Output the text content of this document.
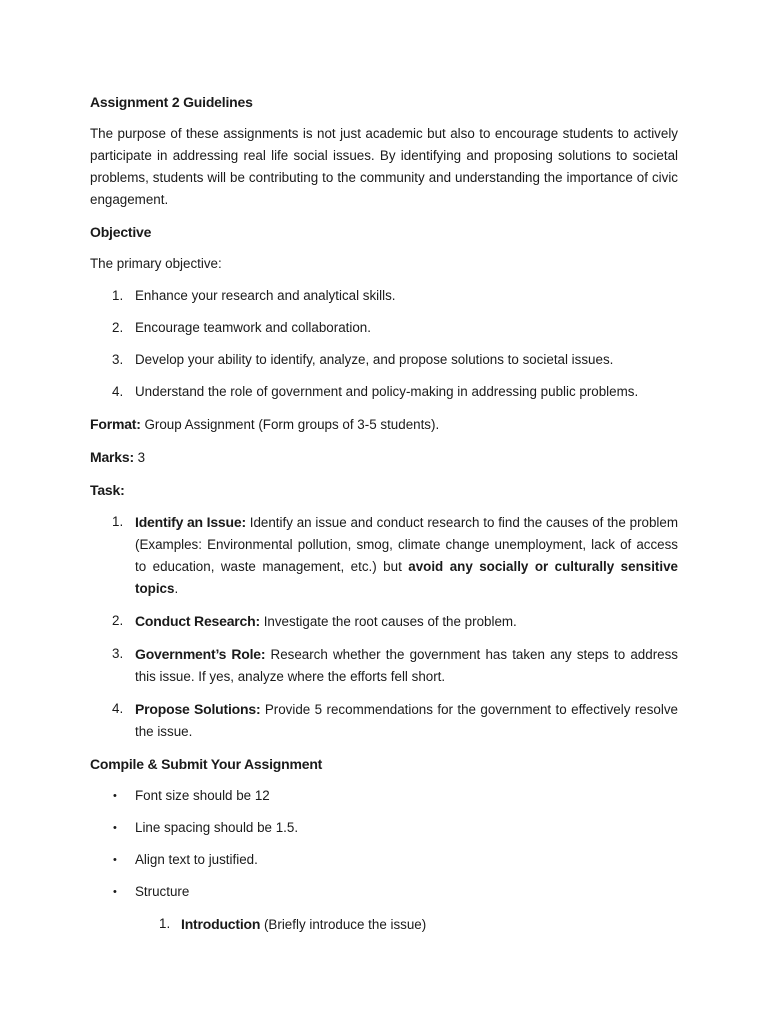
Assignment 2 Guidelines

The purpose of these assignments is not just academic but also to encourage students to actively participate in addressing real life social issues. By identifying and proposing solutions to societal problems, students will be contributing to the community and understanding the importance of civic engagement.

Objective

The primary objective:

1. Enhance your research and analytical skills.
2. Encourage teamwork and collaboration.
3. Develop your ability to identify, analyze, and propose solutions to societal issues.
4. Understand the role of government and policy-making in addressing public problems.

Format: Group Assignment (Form groups of 3-5 students).

Marks: 3

Task:

1. Identify an Issue: Identify an issue and conduct research to find the causes of the problem (Examples: Environmental pollution, smog, climate change unemployment, lack of access to education, waste management, etc.) but avoid any socially or culturally sensitive topics.
2. Conduct Research: Investigate the root causes of the problem.
3. Government’s Role: Research whether the government has taken any steps to address this issue. If yes, analyze where the efforts fell short.
4. Propose Solutions: Provide 5 recommendations for the government to effectively resolve the issue.

Compile & Submit Your Assignment

• Font size should be 12
• Line spacing should be 1.5.
• Align text to justified.
• Structure
1. Introduction (Briefly introduce the issue)
